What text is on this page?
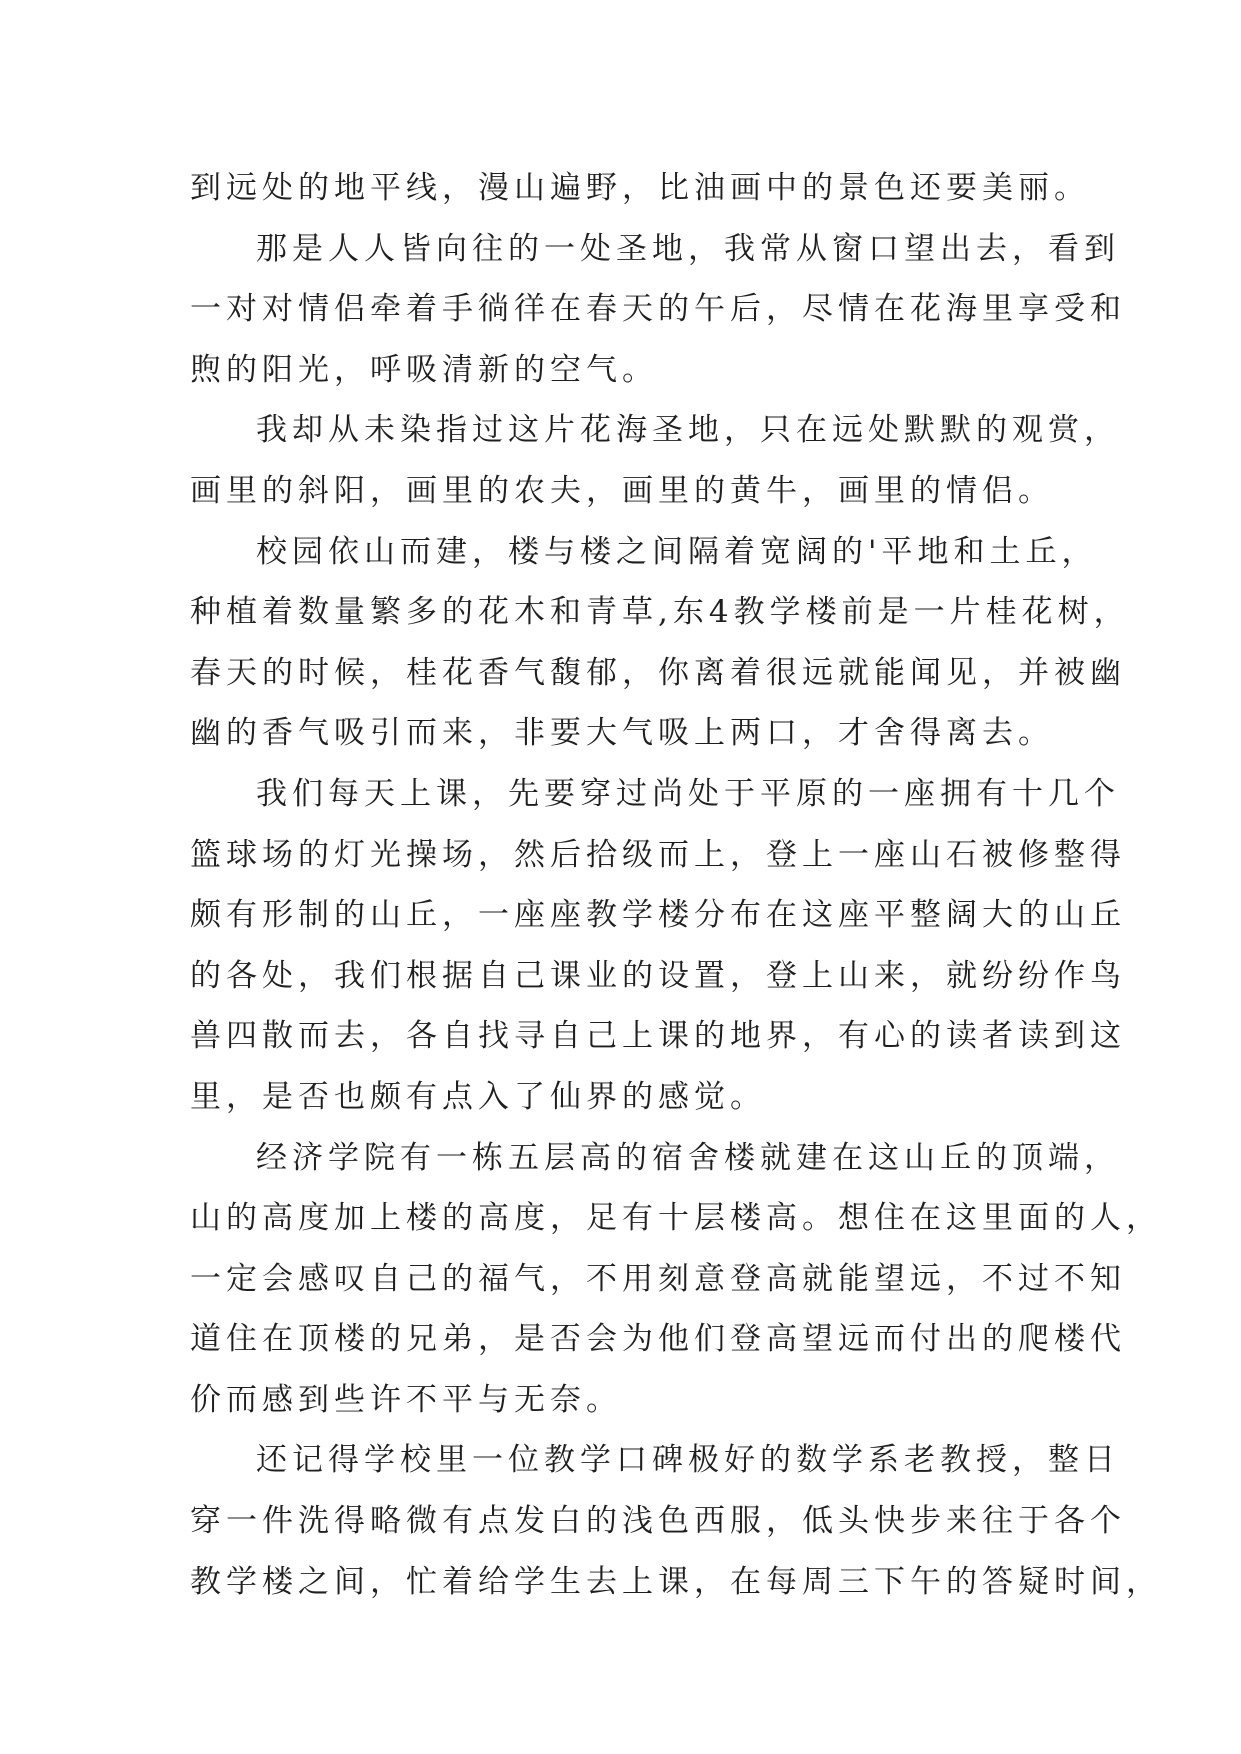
到远处的地平线，漫山遍野，比油画中的景色还要美丽。
那是人人皆向往的一处圣地，我常从窗口望出去，看到
一对对情侣牵着手徜徉在春天的午后，尽情在花海里享受和
煦的阳光，呼吸清新的空气。
我却从未染指过这片花海圣地，只在远处默默的观赏，
画里的斜阳，画里的农夫，画里的黄牛，画里的情侣。
校园依山而建，楼与楼之间隔着宽阔的'平地和土丘，
种植着数量繁多的花木和青草,东4教学楼前是一片桂花树，
春天的时候，桂花香气馥郁，你离着很远就能闻见，并被幽
幽的香气吸引而来，非要大气吸上两口，才舍得离去。
我们每天上课，先要穿过尚处于平原的一座拥有十几个
篮球场的灯光操场，然后拾级而上，登上一座山石被修整得
颇有形制的山丘，一座座教学楼分布在这座平整阔大的山丘
的各处，我们根据自己课业的设置，登上山来，就纷纷作鸟
兽四散而去，各自找寻自己上课的地界，有心的读者读到这
里，是否也颇有点入了仙界的感觉。
经济学院有一栋五层高的宿舍楼就建在这山丘的顶端，
山的高度加上楼的高度，足有十层楼高。想住在这里面的人，
一定会感叹自己的福气，不用刻意登高就能望远，不过不知
道住在顶楼的兄弟，是否会为他们登高望远而付出的爬楼代
价而感到些许不平与无奈。
还记得学校里一位教学口碑极好的数学系老教授，整日
穿一件洗得略微有点发白的浅色西服，低头快步来往于各个
教学楼之间，忙着给学生去上课，在每周三下午的答疑时间，
